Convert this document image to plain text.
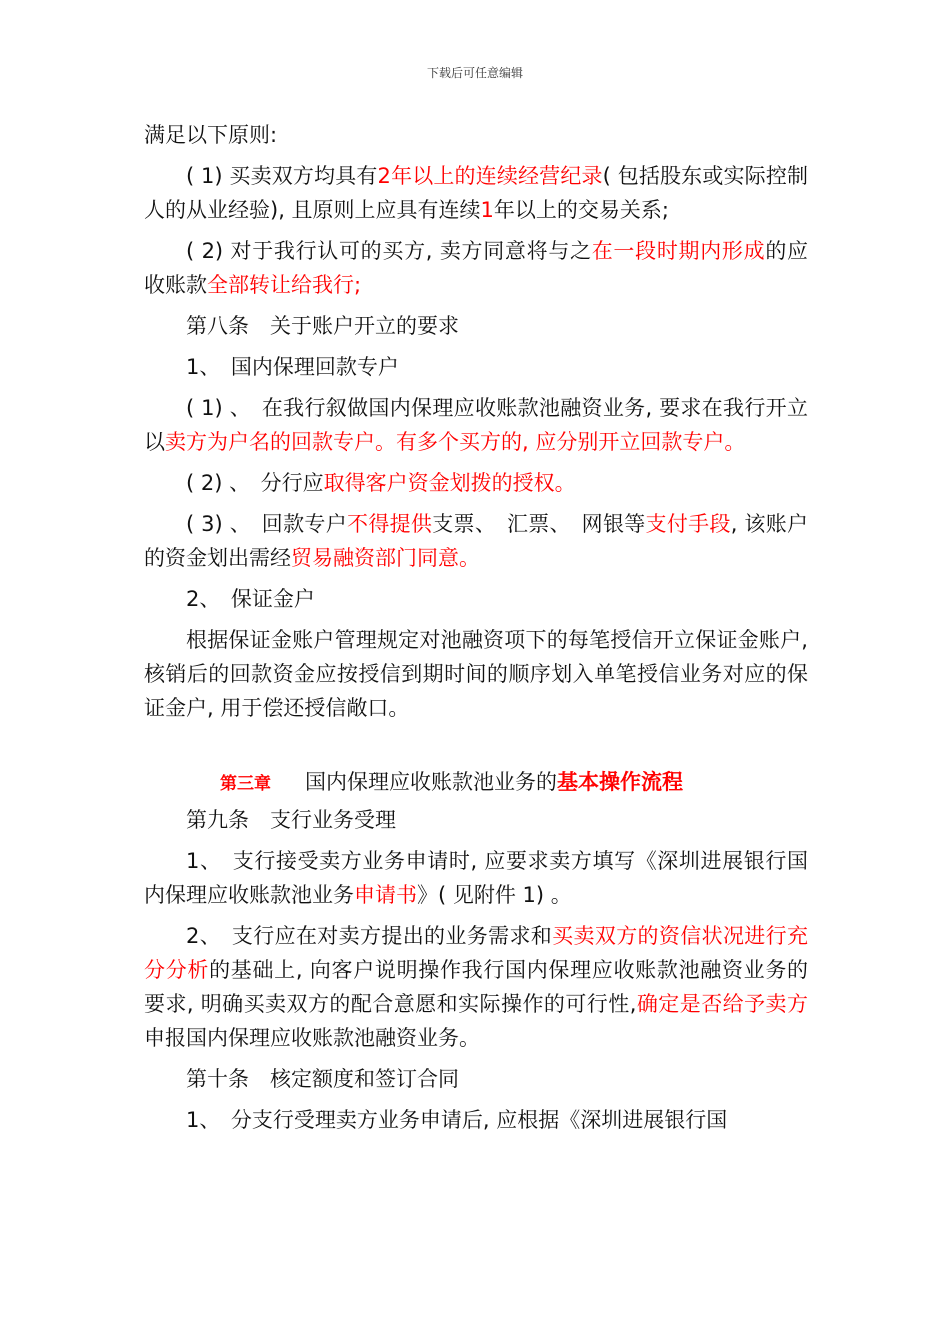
下载后可任意编辑

满足以下原则:

( 1) 买卖双方均具有2年以上的连续经营纪录( 包括股东或实际控制人的从业经验), 且原则上应具有连续1年以上的交易关系;

( 2) 对于我行认可的买方, 卖方同意将与之在一段时期内形成的应收账款全部转让给我行;

第八条　关于账户开立的要求

1、　国内保理回款专户

( 1) 、　在我行叙做国内保理应收账款池融资业务, 要求在我行开立以卖方为户名的回款专户。有多个买方的, 应分别开立回款专户。

( 2) 、　分行应取得客户资金划拨的授权。

( 3) 、　回款专户不得提供支票、　汇票、　网银等支付手段, 该账户的资金划出需经贸易融资部门同意。

2、　保证金户

根据保证金账户管理规定对池融资项下的每笔授信开立保证金账户, 核销后的回款资金应按授信到期时间的顺序划入单笔授信业务对应的保证金户, 用于偿还授信敞口。

第三章 国内保理应收账款池业务的基本操作流程

第九条　支行业务受理

1、　支行接受卖方业务申请时, 应要求卖方填写《深圳进展银行国内保理应收账款池业务申请书》( 见附件 1) 。

2、　支行应在对卖方提出的业务需求和买卖双方的资信状况进行充分分析的基础上, 向客户说明操作我行国内保理应收账款池融资业务的要求, 明确买卖双方的配合意愿和实际操作的可行性,确定是否给予卖方申报国内保理应收账款池融资业务。

第十条　核定额度和签订合同

1、　分支行受理卖方业务申请后, 应根据《深圳进展银行国
